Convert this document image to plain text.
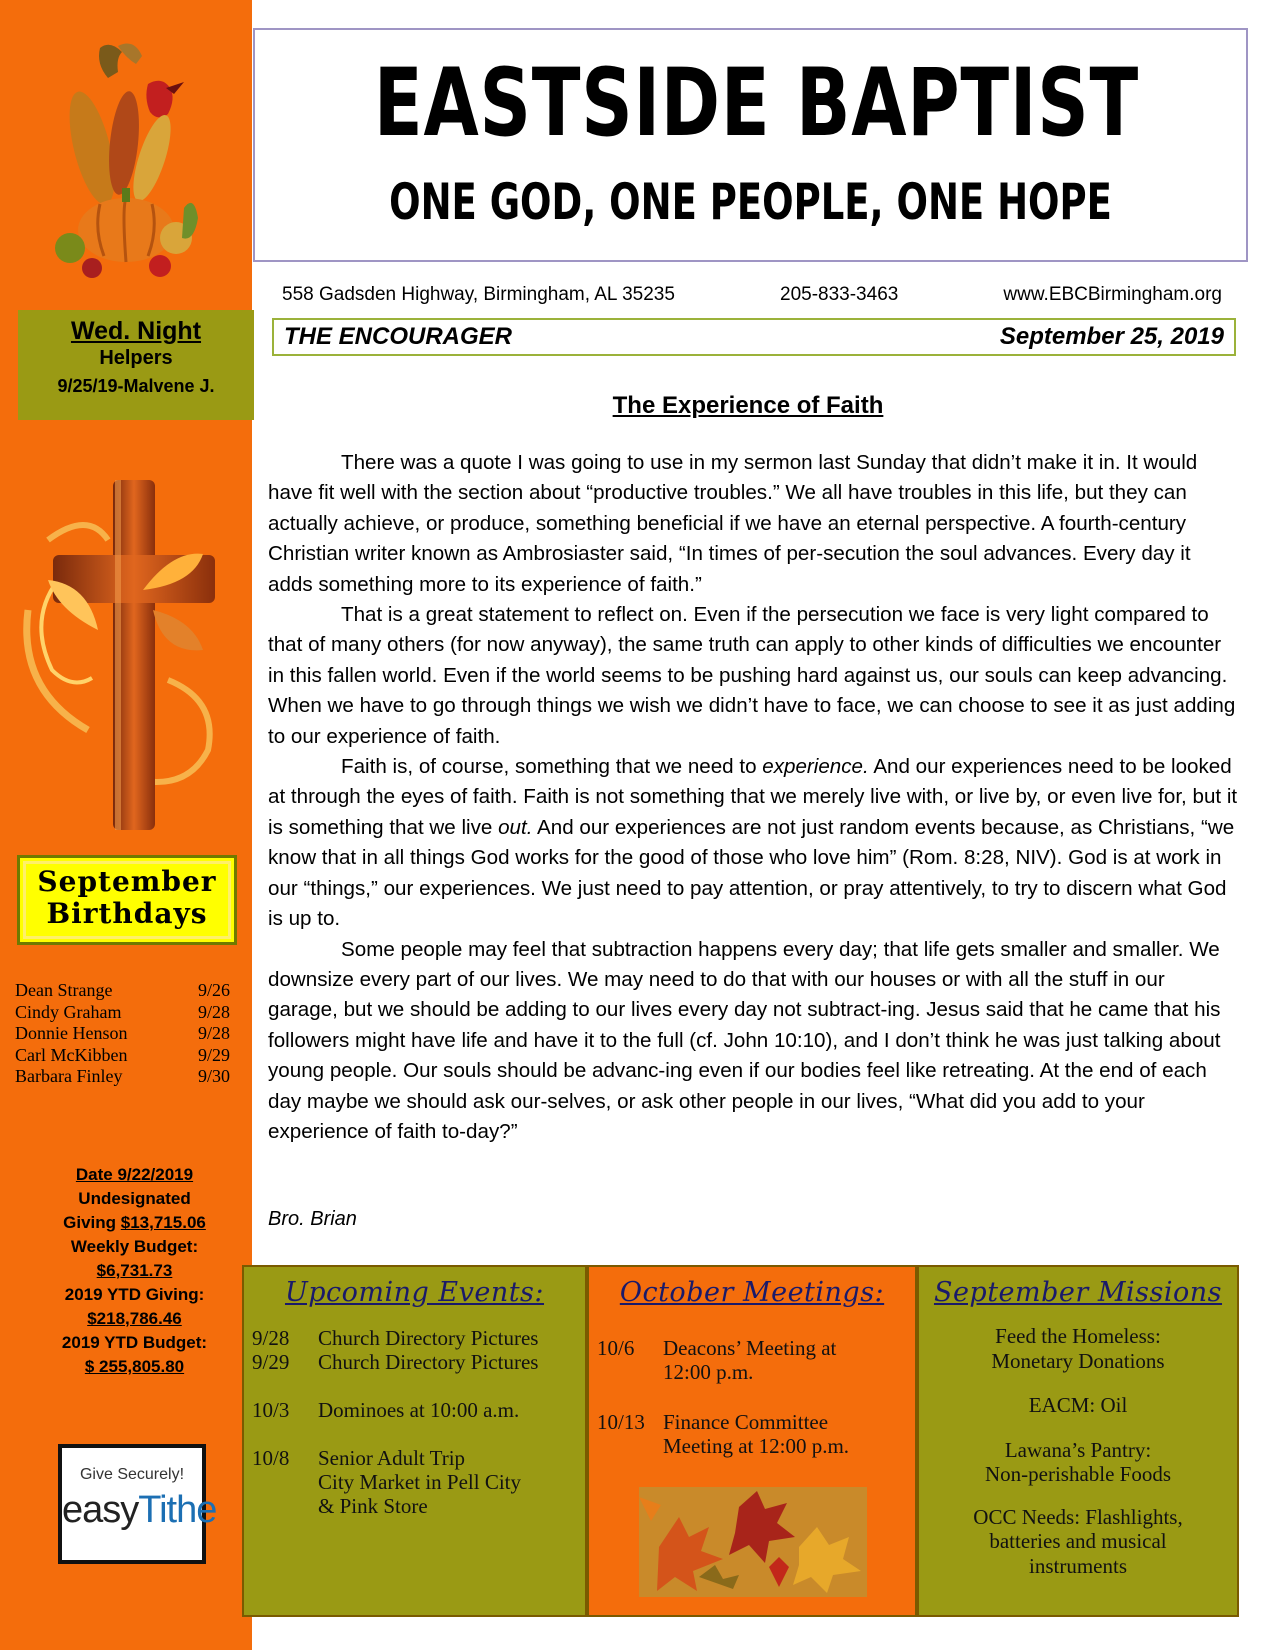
Wed. Night
Helpers
9/25/19-Malvene J.
September
Birthdays
Dean Strange	9/26
Cindy Graham	9/28
Donnie Henson	9/28
Carl McKibben	9/29
Barbara Finley	9/30
Date 9/22/2019
Undesignated
Giving $13,715.06
Weekly Budget:
$6,731.73
2019 YTD Giving:
$218,786.46
2019 YTD Budget:
$ 255,805.80
Give Securely!
easyTithe
EASTSIDE BAPTIST
ONE GOD, ONE PEOPLE, ONE HOPE
558 Gadsden Highway, Birmingham, AL 35235	205-833-3463	www.EBCBirmingham.org
THE ENCOURAGER	September 25, 2019
The Experience of Faith

There was a quote I was going to use in my sermon last Sunday that didn’t make it in. It would have fit well with the section about “productive troubles.” We all have troubles in this life, but they can actually achieve, or produce, something beneficial if we have an eternal perspective. A fourth-century Christian writer known as Ambrosiaster said, “In times of per-secution the soul advances. Every day it adds something more to its experience of faith.”

That is a great statement to reflect on. Even if the persecution we face is very light compared to that of many others (for now anyway), the same truth can apply to other kinds of difficulties we encounter in this fallen world. Even if the world seems to be pushing hard against us, our souls can keep advancing. When we have to go through things we wish we didn’t have to face, we can choose to see it as just adding to our experience of faith.

Faith is, of course, something that we need to experience. And our experiences need to be looked at through the eyes of faith. Faith is not something that we merely live with, or live by, or even live for, but it is something that we live out. And our experiences are not just random events because, as Christians, “we know that in all things God works for the good of those who love him” (Rom. 8:28, NIV). God is at work in our “things,” our experiences. We just need to pay attention, or pray attentively, to try to discern what God is up to.

Some people may feel that subtraction happens every day; that life gets smaller and smaller. We downsize every part of our lives. We may need to do that with our houses or with all the stuff in our garage, but we should be adding to our lives every day not subtract-ing. Jesus said that he came that his followers might have life and have it to the full (cf. John 10:10), and I don’t think he was just talking about young people. Our souls should be advanc-ing even if our bodies feel like retreating. At the end of each day maybe we should ask our-selves, or ask other people in our lives, “What did you add to your experience of faith to-day?”

Bro. Brian
Upcoming Events:
9/28	Church Directory Pictures
9/29	Church Directory Pictures
10/3	Dominoes at 10:00 a.m.
10/8	Senior Adult Trip
City Market in Pell City
& Pink Store
October Meetings:
10/6	Deacons’ Meeting at
12:00 p.m.
10/13 Finance Committee
Meeting at 12:00 p.m.
September Missions
Feed the Homeless:
Monetary Donations
EACM: Oil
Lawana’s Pantry:
Non-perishable Foods
OCC Needs: Flashlights,
batteries and musical
instruments
